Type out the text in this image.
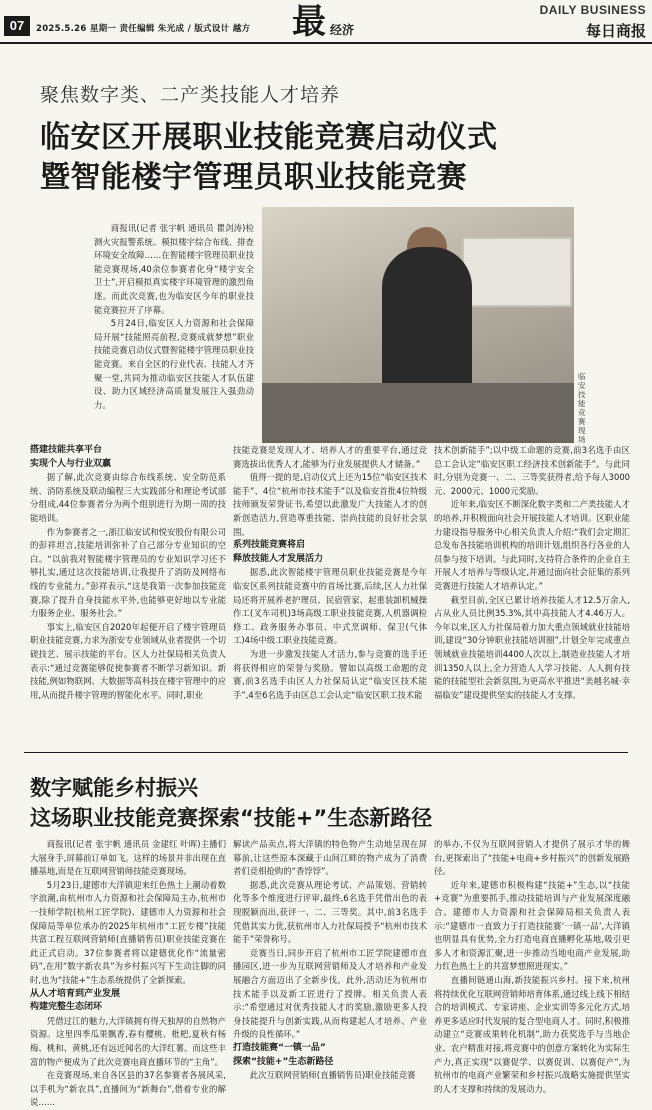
07	2025.5.26 星期一 责任编辑 朱光成 / 版式设计 越方 最 经济
DAILY BUSINESS
每日商报
聚焦数字类、二产类技能人才培养
临安区开展职业技能竞赛启动仪式
暨智能楼宇管理员职业技能竞赛

商报讯(记者 张宇帆 通讯员 瞿剑涛)检测火灾报警系统、模拟楼宇综合布线、排查环境安全故障……在智能楼宇管理员职业技能竞赛现场,40余位参赛者化身“楼宇安全卫士”,开启模拟真实楼宇环境管理的激烈角逐。而此次竞赛,也为临安区今年的职业技能竞赛拉开了序幕。

5月24日,临安区人力资源和社会保障局开展“技能照亮前程,竞赛成就梦想”职业技能竞赛启动仪式暨智能楼宇管理员职业技能竞赛。来自全区的行业代表、技能人才齐聚一堂,共同为推动临安区技能人才队伍建设、助力区域经济高质量发展注入强劲动力。

临安技能竞赛现场

搭建技能共享平台

实现个人与行业双赢

据了解,此次竞赛由综合布线系统、安全防范系统、消防系统及联动编程三大实践部分和理论考试部分组成,44位参赛者分为两个组别进行为期一周的技能培训。

作为参赛者之一,浙江临安试和悦安股份有限公司的彭祥坦言,技能培训弥补了自己部分专业知识的空白。“以前我对智能楼宇管理员的专业知识学习还不够扎实,通过这次技能培训,让我提升了消防及网络布线的专业能力。”彭祥表示,“这是我第一次参加技能竞赛,除了提升自身技能水平外,也能够更好地以专业能力服务企业、服务社会。”

事实上,临安区自2020年起便开启了楼宇管理员职业技能竞赛,力求为浙安专业领域从业者提供一个切磋技艺、展示技能的平台。区人力社保局相关负责人表示:“通过竞赛能够促使参赛者不断学习新知识、新技能,例如物联网、大数据等高科技在楼宇管理中的应用,从而提升楼宇管理的智能化水平。同时,职业

技能竞赛是发现人才、培养人才的重要平台,通过竞赛选拔出优秀人才,能够为行业发展提供人才储备。”

值得一提的是,启动仪式上还为15位“临安区技术能手”、4位“杭州市技术能手”以及临安首批4位特级技师颁发荣誉证书,希望以此激发广大技能人才的创新创造活力,营造尊重技能、崇尚技能的良好社会氛围。

系列技能竞赛将启

释放技能人才发展活力

据悉,此次智能楼宇管理员职业技能竞赛是今年临安区系列技能竞赛中的首场比赛,后续,区人力社保局还将开展养老护理员、民宿管家、起重装卸机械操作工(叉车司机)3场高级工职业技能竞赛,人机器调检修工、政务服务办事员、中式烹调师、保卫(气体工)4场中级工职业技能竞赛。

为进一步激发技能人才活力,参与竞赛的选手还将获得相应的荣誉与奖励。譬如以高级工命题的竞赛,前3名选手由区人力社保局认定“临安区技术能手”,4至6名选手由区总工会认定“临安区职工技术能

技术创新能手”;以中级工命题的竞赛,前3名选手由区总工会认定“临安区职工经济技术创新能手”。与此同时,分别为竞赛一、二、三等奖获得者,给予每人3000元、2000元、1000元奖励。

近年来,临安区不断深化数字类和二产类技能人才的培养,并积极面向社会开展技能人才培训。区职业能力建设指导服务中心相关负责人介绍:“我们会定期汇总发布各技能培训机构的培训计划,组织各行各业的人员参与按下培训。与此同时,支持符合条件的企业自主开展人才培养与等级认定,并通过面向社会征集的系列竞赛进行技能人才培养认定。”

截至目前,全区已累计培养技能人才12.5万余人,占从业人员比例35.3%,其中高技能人才4.46万人。今年以来,区人力社保局着力加大重点领域就业技能培训,建设“30分钟职业技能培训圈”,计划全年完成重点领域就业技能培训4400人次以上,制造业技能人才培训1350人以上,全力营造人人学习技能、人人拥有技能的技能型社会新氛围,为更高水平推进“美越名城·幸福临安”建设提供坚实的技能人才支撑。

数字赋能乡村振兴
这场职业技能竞赛探索“技能+”生态新路径

商报讯(记者 张宇帆 通讯员 金建红 叶晖)主播们大展身手,屏幕前订单如飞。这样的场景并非出现在直播基地,而是在互联网营销师技能竞赛现场。

5月23日,建德市大洋镇迎来红色热土上潮动着数字浪潮,由杭州市人力资源和社会保障局主办,杭州市一技师学院(杭州工匠学院)、建德市人力资源和社会保障局等单位承办的2025年杭州市“工匠专楼”技能共富工程互联网营销师(直播销售员)职业技能竞赛在此正式启动。37位参赛者将以建德优化作“流量密码”,在用“数字新农具”为乡村振兴写下生动注脚的同时,也为“技能+”生态系统提供了全新探索。

从人才培育到产业发展

构建完整生态闭环

凭借过江的魅力,大洋镇拥有得天独厚的自然物产资源。这里四季瓜果飘香,春有樱桃、枇杷,夏秋有杨梅、桃和、黄桃,还有远近闻名的大洋红薯。而这些丰富的物产便成为了此次竞赛电商直播环节的“主角”。

在竞赛现场,来自各区县的37名参赛者各展风采,以手机为“新农具”,直播间为“新舞台”,借着专业的解说……

解读产品卖点,将大洋镇的特色物产生动地呈现在屏幕前,让这些原本深藏于山间江畔的物产成为了消费者们竞相抢购的“香饽饽”。

据悉,此次竞赛从理论考试、产品策划、营销转化等多个维度进行评审,最终,6名选手凭借出色的表现脱颖而出,获评一、二、三等奖。其中,前3名选手凭借其实力优,获杭州市人力社保局授予“杭州市技术能手”荣誉称号。

竞赛当日,同步开启了杭州市工匠学院建德市直播园区,进一步为互联网营销师及人才培养和产业发展融合方面迈出了全新步伐。此外,活动还为杭州市技术能手以及新工匠进行了授牌。相关负责人表示:“希望通过对优秀技能人才的奖励,激励更多人投身技能提升与创新实践,从而构建起人才培养、产业升级的良性循环。”

打造技能赛“一镇一品”

探索“技能+”生态新路径

此次互联网营销师(直播销售员)职业技能竞赛

的举办,不仅为互联网营销人才提供了展示才华的舞台,更探索出了“技能+电商+乡村振兴”的创新发展路径。

近年来,建德市积极构建“技能+”生态,以“技能+竞赛”为重要抓手,推动技能培训与产业发展深度融合。建德市人力资源和社会保障局相关负责人表示:“建德市一直致力于打造技能赛‘一镇一品’,大洋镇也明显具有优势,全力打造电商直播孵化基地,吸引更多人才和资源汇聚,进一步推动当地电商产业发展,助力红色热土上的共富梦想照进现实。”

直播间链通山海,新技能振兴乡村。接下来,杭州将持续优化互联网营销师培育体系,通过线上线下相结合的培训模式、专家讲座、企业实训等多元化方式,培养更多适应时代发展的复合型电商人才。同时,积极推动建立“竞赛成果转化机制”,助力获奖选手与当地企业、农户精准对接,将竞赛中的创意方案转化为实际生产力,真正实现“以赛促学、以赛促训、以赛促产”,为杭州市的电商产业繁荣和乡村振兴战略实施提供坚实的人才支撑和持续的发展动力。
